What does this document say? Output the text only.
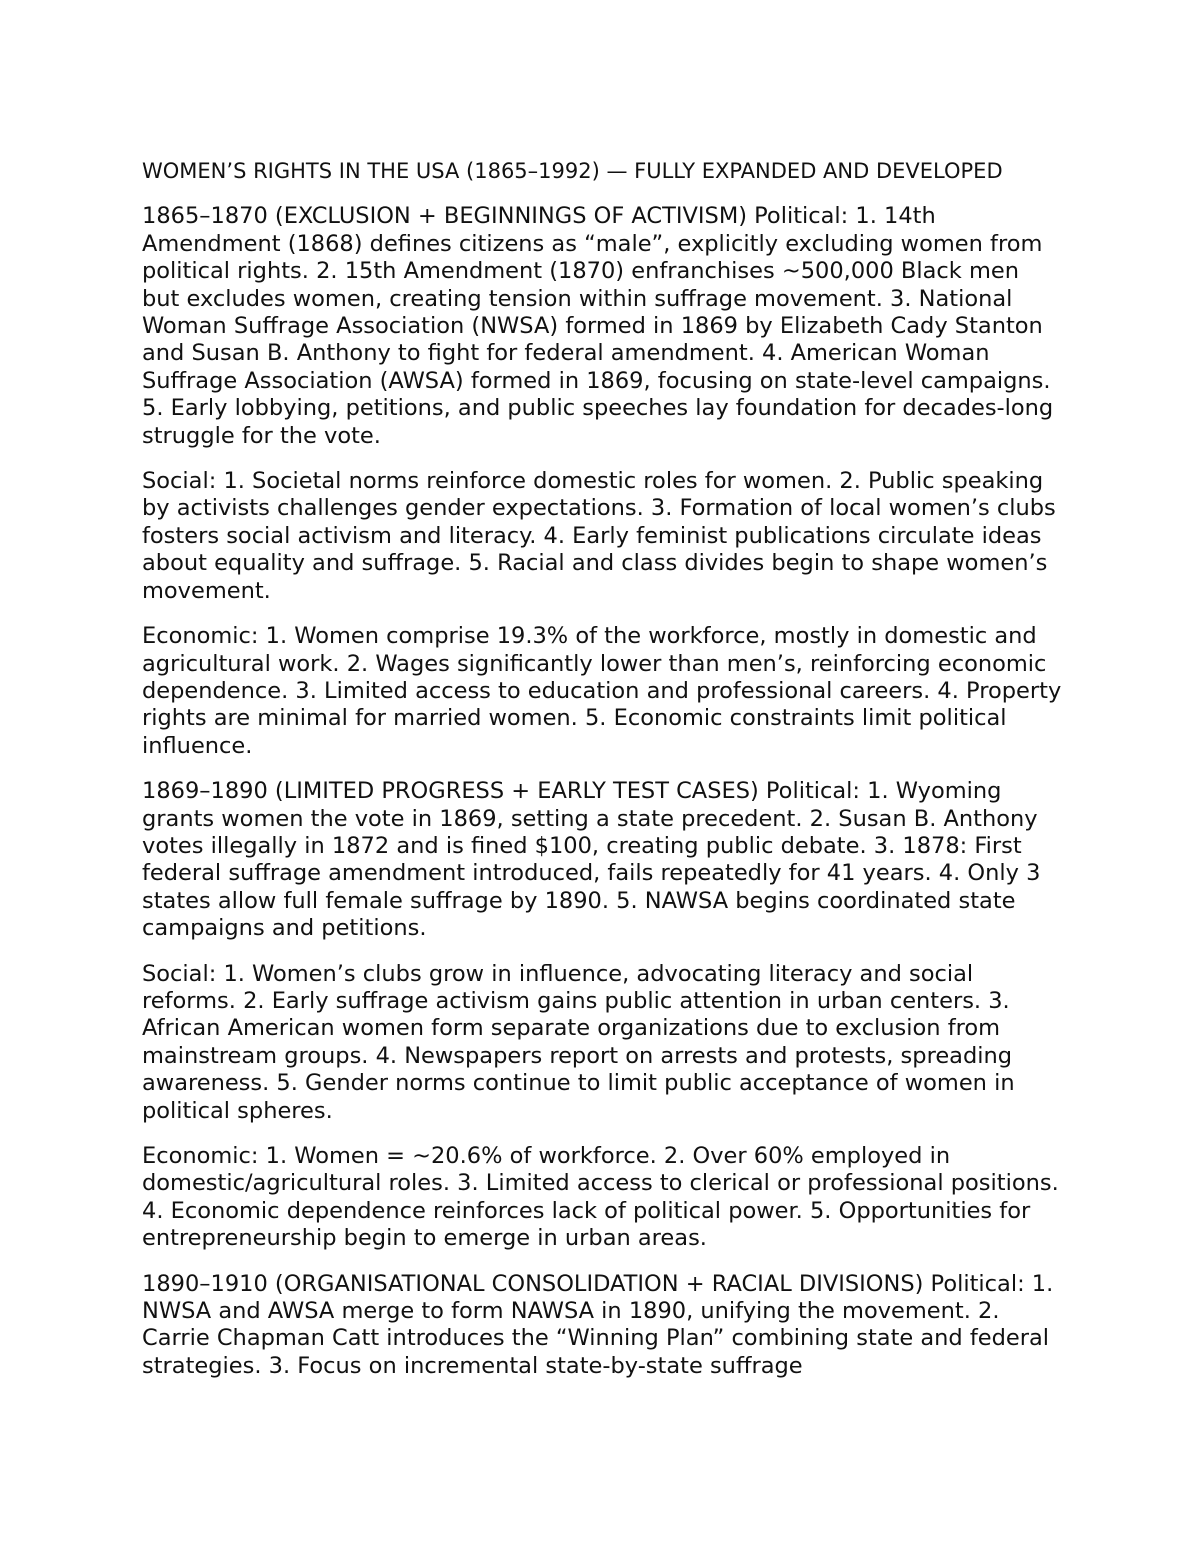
WOMEN’S RIGHTS IN THE USA (1865–1992) — FULLY EXPANDED AND DEVELOPED

1865–1870 (EXCLUSION + BEGINNINGS OF ACTIVISM) Political: 1. 14th Amendment (1868) defines citizens as “male”, explicitly excluding women from political rights. 2. 15th Amendment (1870) enfranchises ~500,000 Black men but excludes women, creating tension within suffrage movement. 3. National Woman Suffrage Association (NWSA) formed in 1869 by Elizabeth Cady Stanton and Susan B. Anthony to fight for federal amendment. 4. American Woman Suffrage Association (AWSA) formed in 1869, focusing on state-level campaigns. 5. Early lobbying, petitions, and public speeches lay foundation for decades-long struggle for the vote.

Social: 1. Societal norms reinforce domestic roles for women. 2. Public speaking by activists challenges gender expectations. 3. Formation of local women’s clubs fosters social activism and literacy. 4. Early feminist publications circulate ideas about equality and suffrage. 5. Racial and class divides begin to shape women’s movement.

Economic: 1. Women comprise 19.3% of the workforce, mostly in domestic and agricultural work. 2. Wages significantly lower than men’s, reinforcing economic dependence. 3. Limited access to education and professional careers. 4. Property rights are minimal for married women. 5. Economic constraints limit political influence.

1869–1890 (LIMITED PROGRESS + EARLY TEST CASES) Political: 1. Wyoming grants women the vote in 1869, setting a state precedent. 2. Susan B. Anthony votes illegally in 1872 and is fined $100, creating public debate. 3. 1878: First federal suffrage amendment introduced, fails repeatedly for 41 years. 4. Only 3 states allow full female suffrage by 1890. 5. NAWSA begins coordinated state campaigns and petitions.

Social: 1. Women’s clubs grow in influence, advocating literacy and social reforms. 2. Early suffrage activism gains public attention in urban centers. 3. African American women form separate organizations due to exclusion from mainstream groups. 4. Newspapers report on arrests and protests, spreading awareness. 5. Gender norms continue to limit public acceptance of women in political spheres.

Economic: 1. Women = ~20.6% of workforce. 2. Over 60% employed in domestic/agricultural roles. 3. Limited access to clerical or professional positions. 4. Economic dependence reinforces lack of political power. 5. Opportunities for entrepreneurship begin to emerge in urban areas.

1890–1910 (ORGANISATIONAL CONSOLIDATION + RACIAL DIVISIONS) Political: 1. NWSA and AWSA merge to form NAWSA in 1890, unifying the movement. 2. Carrie Chapman Catt introduces the “Winning Plan” combining state and federal strategies. 3. Focus on incremental state-by-state suffrage
